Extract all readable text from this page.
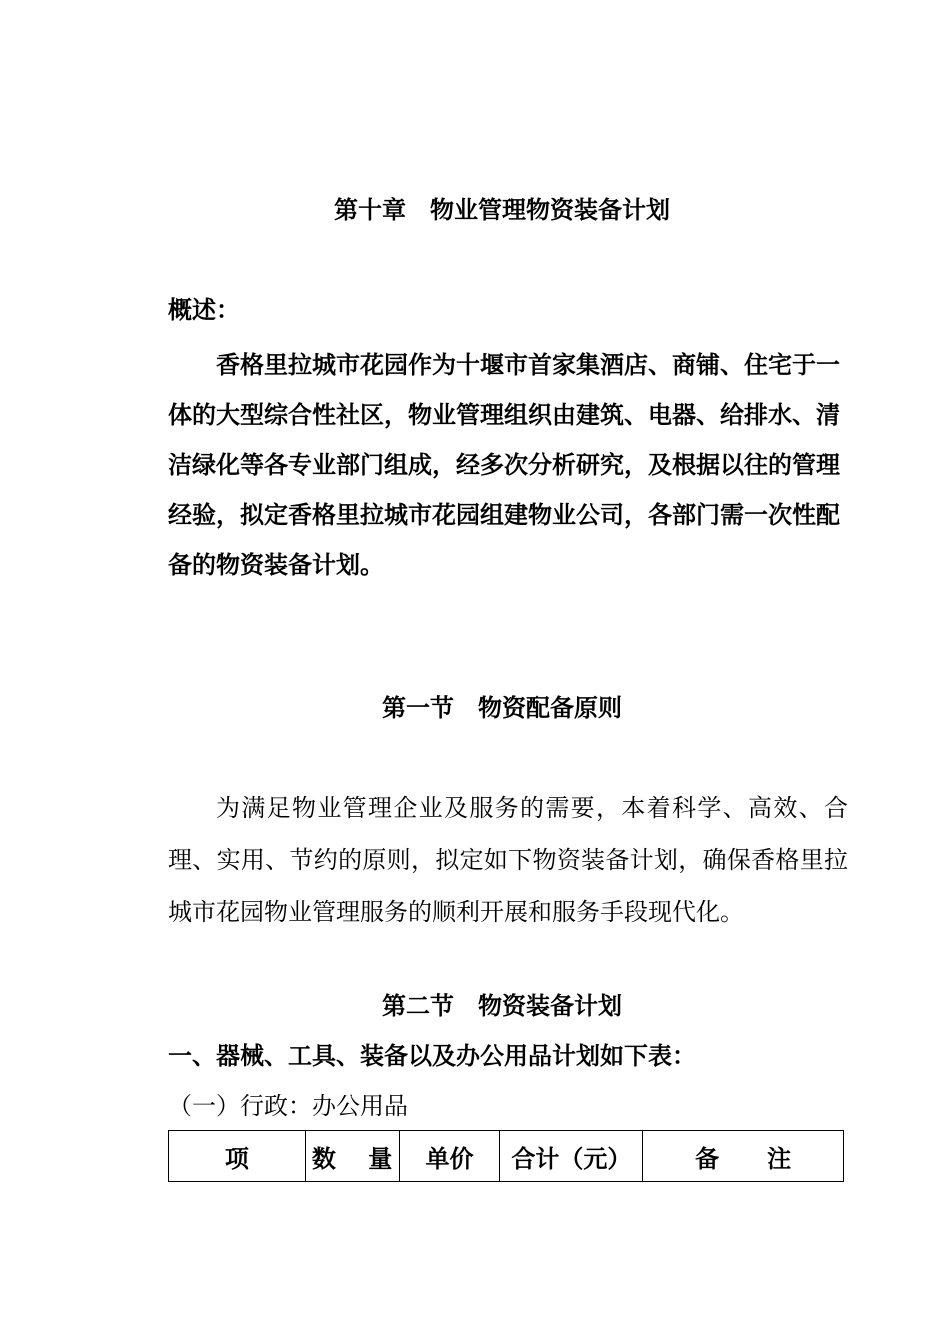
第十章　物业管理物资装备计划
概述：

香格里拉城市花园作为十堰市首家集酒店、商铺、住宅于一体的大型综合性社区，物业管理组织由建筑、电器、给排水、清洁绿化等各专业部门组成，经多次分析研究，及根据以往的管理经验，拟定香格里拉城市花园组建物业公司，各部门需一次性配备的物资装备计划。

第一节　物资配备原则

为满足物业管理企业及服务的需要，本着科学、高效、合理、实用、节约的原则，拟定如下物资装备计划，确保香格里拉城市花园物业管理服务的顺利开展和服务手段现代化。

第二节　物资装备计划
一、器械、工具、装备以及办公用品计划如下表：
（一）行政：办公用品
项	数　 量	单价	合计（元）	备　　注
